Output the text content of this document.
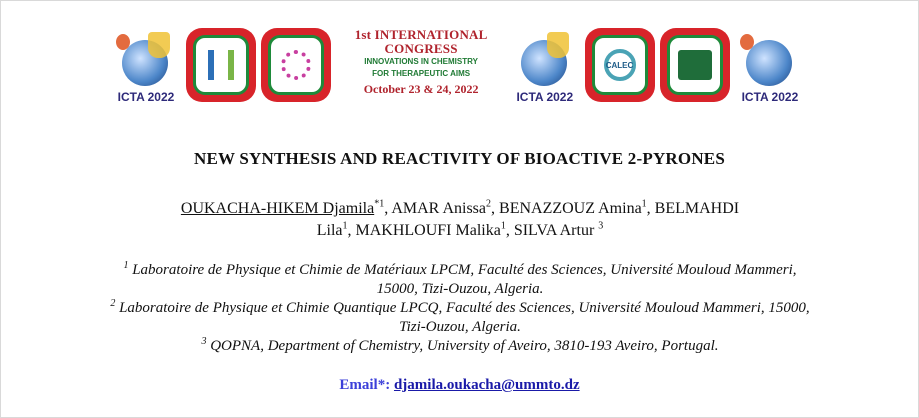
ICTA 2022
1st INTERNATIONAL CONGRESS
INNOVATIONS IN CHEMISTRY
FOR THERAPEUTIC AIMS
October 23 & 24, 2022
ICTA 2022
CALEC
ICTA 2022
NEW SYNTHESIS AND REACTIVITY OF BIOACTIVE 2-PYRONES
OUKACHA-HIKEM Djamila$^{*1}$, AMAR Anissa$^2$, BENAZZOUZ Amina$^1$, BELMAHDI
Lila$^1$, MAKHLOUFI Malika$^1$, SILVA Artur $^3$
$^1$ Laboratoire de Physique et Chimie de Matériaux LPCM, Faculté des Sciences, Université Mouloud Mammeri, 15000, Tizi-Ouzou, Algeria.
$^2$ Laboratoire de Physique et Chimie Quantique LPCQ, Faculté des Sciences, Université Mouloud Mammeri, 15000, Tizi-Ouzou, Algeria.
$^3$ QOPNA, Department of Chemistry, University of Aveiro, 3810-193 Aveiro, Portugal.
Email*: djamila.oukacha@ummto.dz
